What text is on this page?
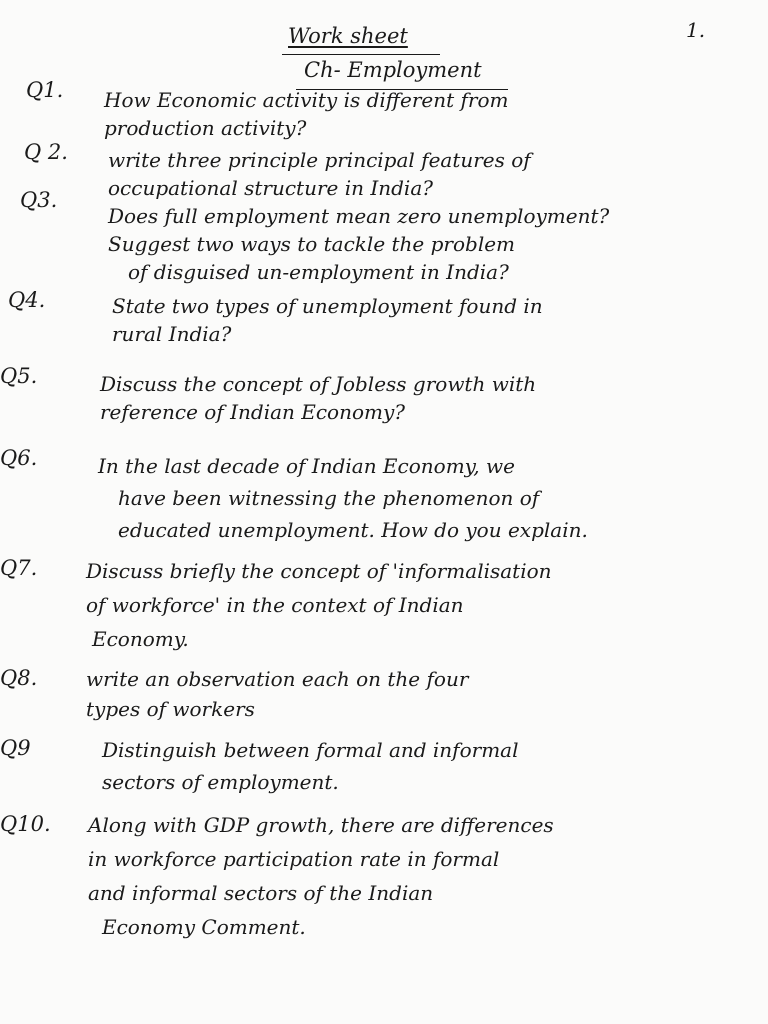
1.
Work sheet
Ch- Employment
Q1. How Economic activity is different from
production activity?
Q 2. write three principle principal features of
occupational structure in India?
Q3.
Does full employment mean zero unemployment?
Suggest two ways to tackle the problem
of disguised un-employment in India?
Q4.	State two types of unemployment found in
rural India?
Q5.	Discuss the concept of Jobless growth with
reference of Indian Economy?
Q6.	In the last decade of Indian Economy, we
have been witnessing the phenomenon of
educated unemployment. How do you explain.
Q7. Discuss briefly the concept of 'informalisation
of workforce' in the context of Indian
Economy.
Q8. write an observation each on the four
types of workers
Q9	Distinguish between formal and informal
sectors of employment.
Q10. Along with GDP growth, there are differences
in workforce participation rate in formal
and informal sectors of the Indian
Economy Comment.
